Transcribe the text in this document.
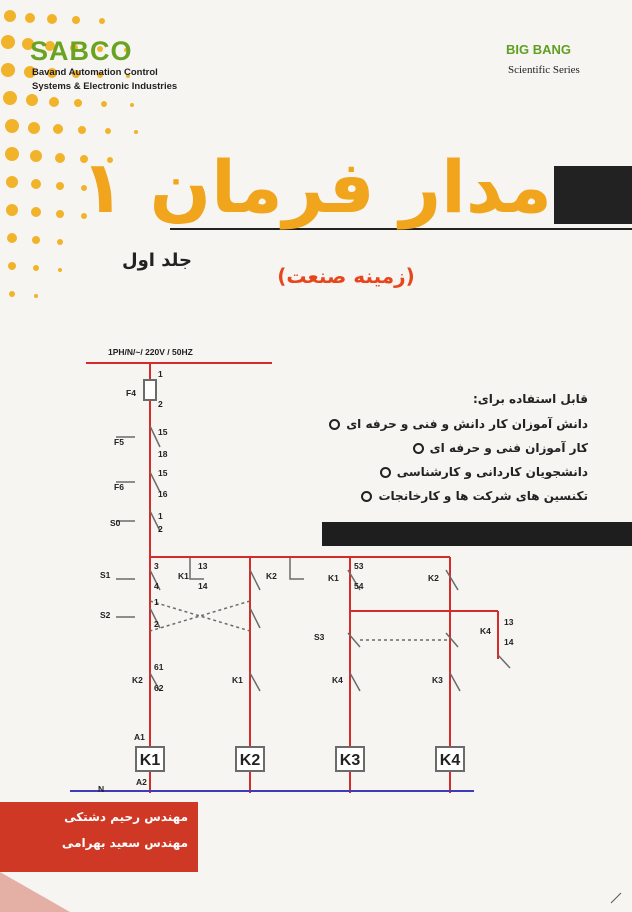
SABCO
Bavand Automation Control
Systems & Electronic Industries
BIG BANG
Scientific Series
مدار فرمان ۱
جلد اول
(زمینه صنعت)
قابل استفاده برای:
دانش آموزان کار دانش و فنی و حرفه ای
کار آموزان فنی و حرفه ای
دانشجویان کاردانی و کارشناسی
تکنسین های شرکت ها و کارخانجات
1PH/N/~/ 220V / 50HZ
N
F4
F5
F6
S0
S1
S2
S3
K1	K2	K1	K2
K4
K2	K1	K4	K3
1
2
15
18
15
16
1
2
3
4
13
14
1
2
61
62
A1
A2
53
54
13
14
K1	K2	K3	K4
مهندس رحیم دشتکی
مهندس سعید بهرامی
